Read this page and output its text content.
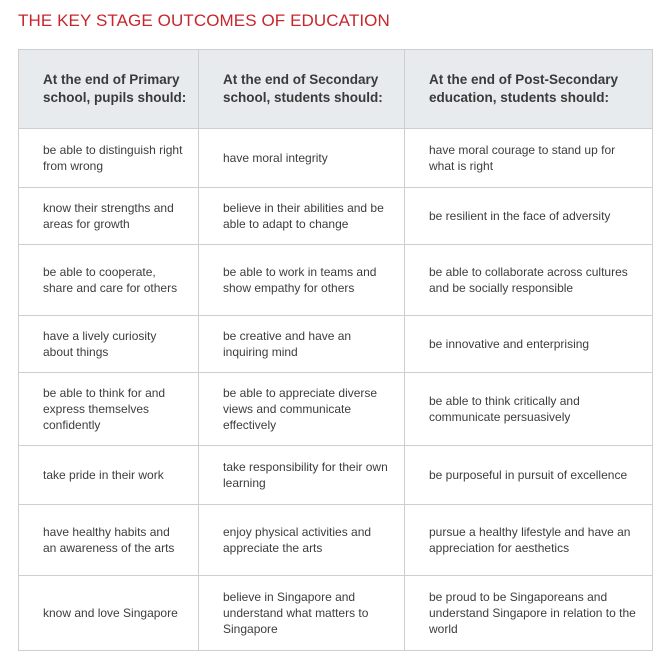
THE KEY STAGE OUTCOMES OF EDUCATION
At the end of Primary school, pupils should:	At the end of Secondary school, students should:	At the end of Post-Secondary education, students should:
be able to distinguish right from wrong	have moral integrity	have moral courage to stand up for what is right
know their strengths and areas for growth	believe in their abilities and be able to adapt to change	be resilient in the face of adversity
be able to cooperate, share and care for others	be able to work in teams and show empathy for others	be able to collaborate across cultures and be socially responsible
have a lively curiosity about things	be creative and have an inquiring mind	be innovative and enterprising
be able to think for and express themselves confidently	be able to appreciate diverse views and communicate effectively	be able to think critically and communicate persuasively
take pride in their work	take responsibility for their own learning	be purposeful in pursuit of excellence
have healthy habits and an awareness of the arts	enjoy physical activities and appreciate the arts	pursue a healthy lifestyle and have an appreciation for aesthetics
know and love Singapore	believe in Singapore and understand what matters to Singapore	be proud to be Singaporeans and understand Singapore in relation to the world
